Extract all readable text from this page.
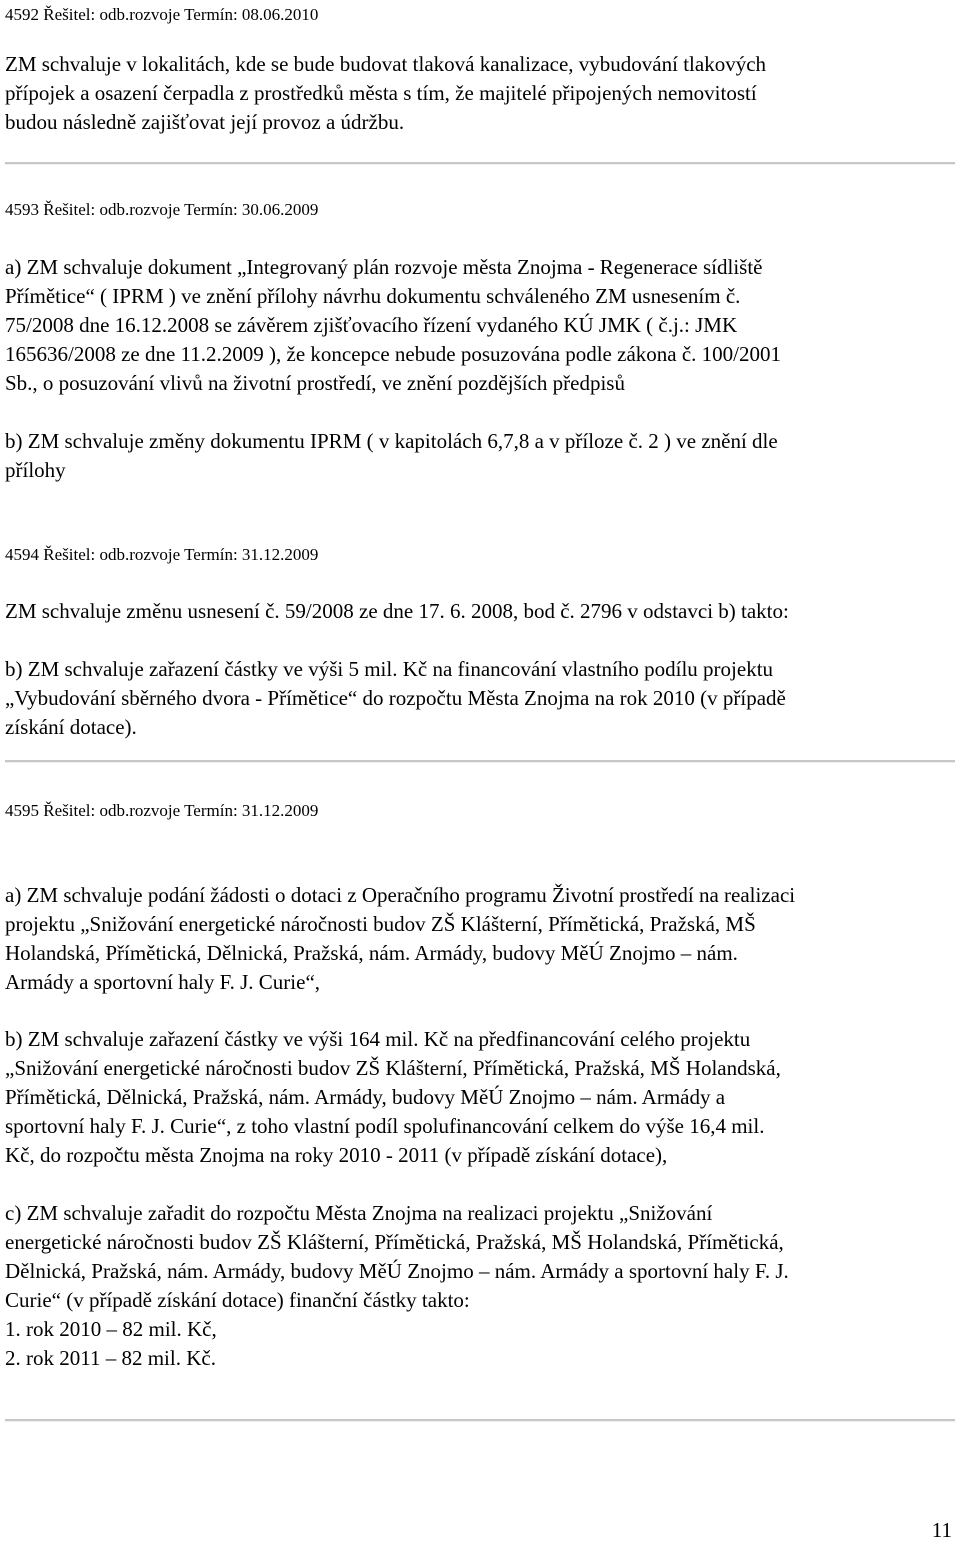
4592 Řešitel: odb.rozvoje Termín: 08.06.2010
ZM schvaluje v lokalitách, kde se bude budovat tlaková kanalizace, vybudování tlakových
přípojek a osazení čerpadla z prostředků města s tím, že majitelé připojených nemovitostí
budou následně zajišťovat její provoz a údržbu.
4593 Řešitel: odb.rozvoje Termín: 30.06.2009
a) ZM schvaluje dokument „Integrovaný plán rozvoje města Znojma - Regenerace sídliště
Přímětice“ ( IPRM ) ve znění přílohy návrhu dokumentu schváleného ZM usnesením č.
75/2008 dne 16.12.2008 se závěrem zjišťovacího řízení vydaného KÚ JMK ( č.j.: JMK
165636/2008 ze dne 11.2.2009 ), že koncepce nebude posuzována podle zákona č. 100/2001
Sb., o posuzování vlivů na životní prostředí, ve znění pozdějších předpisů
b) ZM schvaluje změny dokumentu IPRM ( v kapitolách 6,7,8 a v příloze č. 2 ) ve znění dle
přílohy
4594 Řešitel: odb.rozvoje Termín: 31.12.2009
ZM schvaluje změnu usnesení č. 59/2008 ze dne 17. 6. 2008, bod č. 2796 v odstavci b) takto:
b) ZM schvaluje zařazení částky ve výši 5 mil. Kč na financování vlastního podílu projektu
„Vybudování sběrného dvora - Přímětice“ do rozpočtu Města Znojma na rok 2010 (v případě
získání dotace).
4595 Řešitel: odb.rozvoje Termín: 31.12.2009
a) ZM schvaluje podání žádosti o dotaci z Operačního programu Životní prostředí na realizaci
projektu „Snižování energetické náročnosti budov ZŠ Klášterní, Přímětická, Pražská, MŠ
Holandská, Přímětická, Dělnická, Pražská, nám. Armády, budovy MěÚ Znojmo – nám.
Armády a sportovní haly F. J. Curie“,
b) ZM schvaluje zařazení částky ve výši 164 mil. Kč na předfinancování celého projektu
„Snižování energetické náročnosti budov ZŠ Klášterní, Přímětická, Pražská, MŠ Holandská,
Přímětická, Dělnická, Pražská, nám. Armády, budovy MěÚ Znojmo – nám. Armády a
sportovní haly F. J. Curie“, z toho vlastní podíl spolufinancování celkem do výše 16,4 mil.
Kč, do rozpočtu města Znojma na roky 2010 - 2011 (v případě získání dotace),
c) ZM schvaluje zařadit do rozpočtu Města Znojma na realizaci projektu „Snižování
energetické náročnosti budov ZŠ Klášterní, Přímětická, Pražská, MŠ Holandská, Přímětická,
Dělnická, Pražská, nám. Armády, budovy MěÚ Znojmo – nám. Armády a sportovní haly F. J.
Curie“ (v případě získání dotace) finanční částky takto:
1. rok 2010 – 82 mil. Kč,
2. rok 2011 – 82 mil. Kč.
11
